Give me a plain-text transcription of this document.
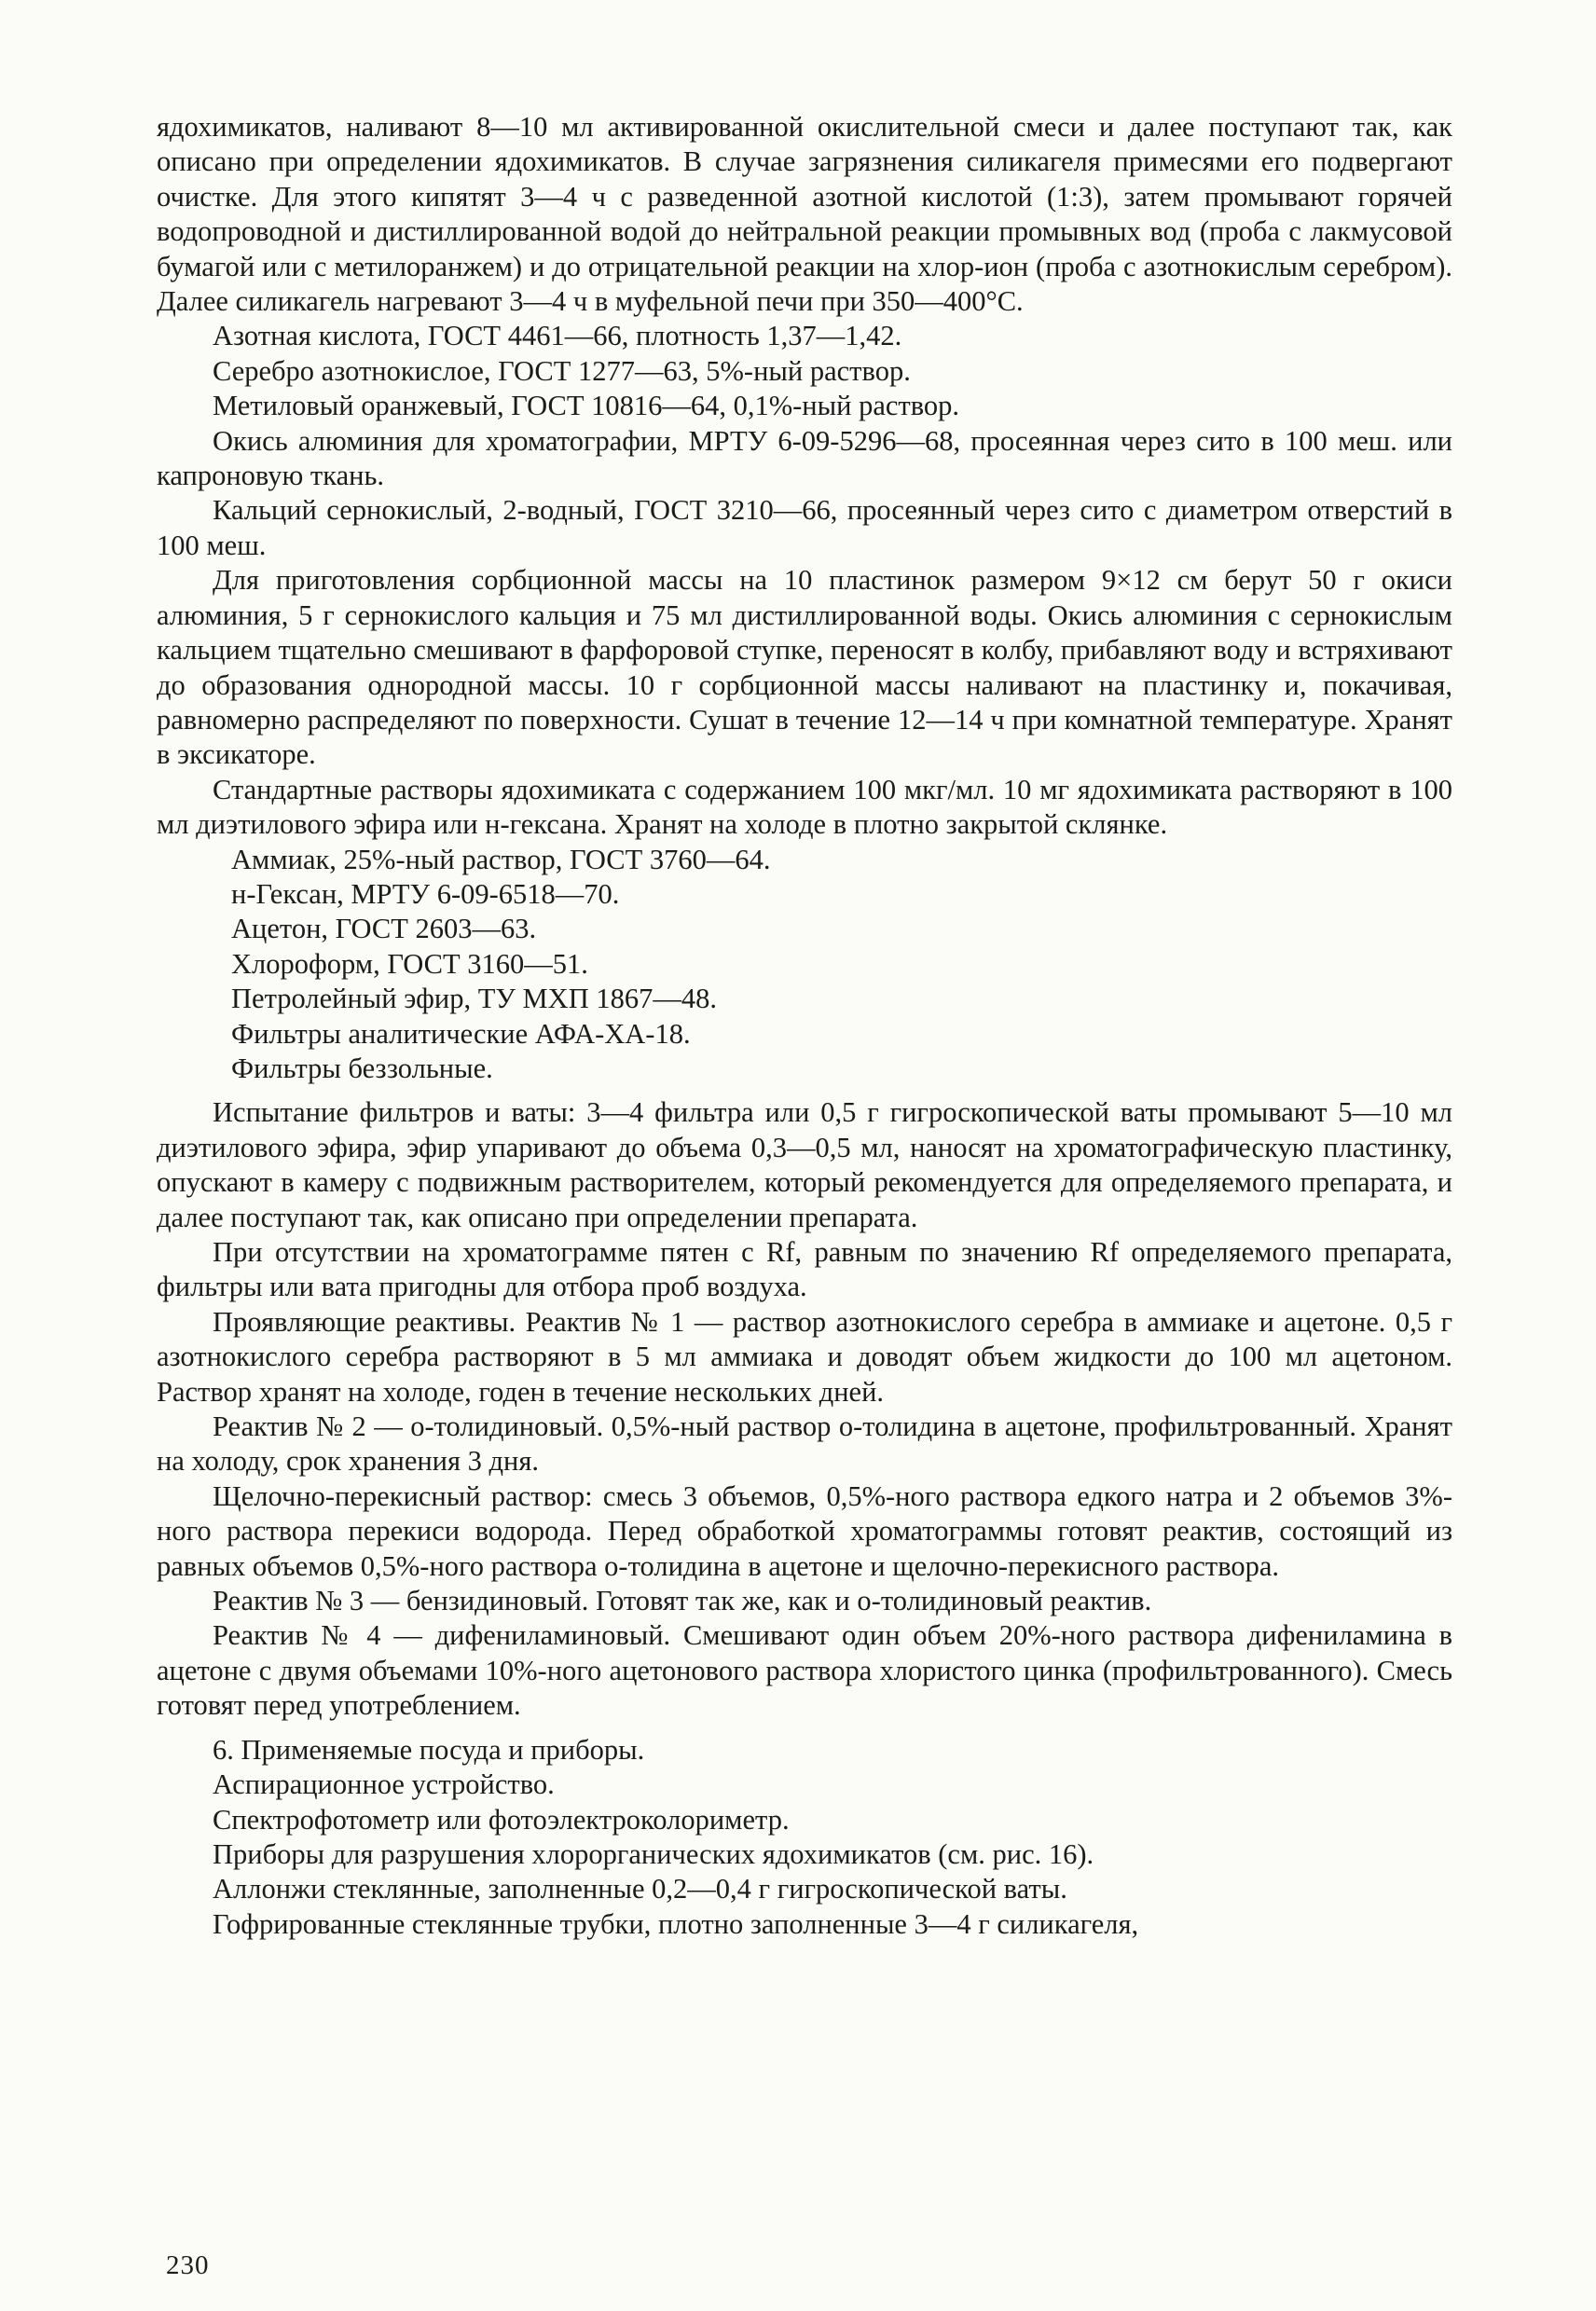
ядохимикатов, наливают 8—10 мл активированной окислительной смеси и далее поступают так, как описано при определении ядохимикатов. В случае загрязнения силикагеля примесями его подвергают очистке. Для этого кипятят 3—4 ч с разведенной азотной кислотой (1:3), затем промывают горячей водопроводной и дистиллированной водой до нейтральной реакции промывных вод (проба с лакмусовой бумагой или с метилоранжем) и до отрицательной реакции на хлор-ион (проба с азотнокислым серебром). Далее силикагель нагревают 3—4 ч в муфельной печи при 350—400°С.

Азотная кислота, ГОСТ 4461—66, плотность 1,37—1,42.

Серебро азотнокислое, ГОСТ 1277—63, 5%-ный раствор.

Метиловый оранжевый, ГОСТ 10816—64, 0,1%-ный раствор.

Окись алюминия для хроматографии, МРТУ 6-09-5296—68, просеянная через сито в 100 меш. или капроновую ткань.

Кальций сернокислый, 2-водный, ГОСТ 3210—66, просеянный через сито с диаметром отверстий в 100 меш.

Для приготовления сорбционной массы на 10 пластинок размером 9×12 см берут 50 г окиси алюминия, 5 г сернокислого кальция и 75 мл дистиллированной воды. Окись алюминия с сернокислым кальцием тщательно смешивают в фарфоровой ступке, переносят в колбу, прибавляют воду и встряхивают до образования однородной массы. 10 г сорбционной массы наливают на пластинку и, покачивая, равномерно распределяют по поверхности. Сушат в течение 12—14 ч при комнатной температуре. Хранят в эксикаторе.

Стандартные растворы ядохимиката с содержанием 100 мкг/мл. 10 мг ядохимиката растворяют в 100 мл диэтилового эфира или н-гексана. Хранят на холоде в плотно закрытой склянке.

Аммиак, 25%-ный раствор, ГОСТ 3760—64.

н-Гексан, МРТУ 6-09-6518—70.

Ацетон, ГОСТ 2603—63.

Хлороформ, ГОСТ 3160—51.

Петролейный эфир, ТУ МХП 1867—48.

Фильтры аналитические АФА-ХА-18.

Фильтры беззольные.

Испытание фильтров и ваты: 3—4 фильтра или 0,5 г гигроскопической ваты промывают 5—10 мл диэтилового эфира, эфир упаривают до объема 0,3—0,5 мл, наносят на хроматографическую пластинку, опускают в камеру с подвижным растворителем, который рекомендуется для определяемого препарата, и далее поступают так, как описано при определении препарата.

При отсутствии на хроматограмме пятен с Rf, равным по значению Rf определяемого препарата, фильтры или вата пригодны для отбора проб воздуха.

Проявляющие реактивы. Реактив № 1 — раствор азотнокислого серебра в аммиаке и ацетоне. 0,5 г азотнокислого серебра растворяют в 5 мл аммиака и доводят объем жидкости до 100 мл ацетоном. Раствор хранят на холоде, годен в течение нескольких дней.

Реактив № 2 — о-толидиновый. 0,5%-ный раствор о-толидина в ацетоне, профильтрованный. Хранят на холоду, срок хранения 3 дня.

Щелочно-перекисный раствор: смесь 3 объемов, 0,5%-ного раствора едкого натра и 2 объемов 3%-ного раствора перекиси водорода. Перед обработкой хроматограммы готовят реактив, состоящий из равных объемов 0,5%-ного раствора о-толидина в ацетоне и щелочно-перекисного раствора.

Реактив № 3 — бензидиновый. Готовят так же, как и о-толидиновый реактив.

Реактив № 4 — дифениламиновый. Смешивают один объем 20%-ного раствора дифениламина в ацетоне с двумя объемами 10%-ного ацетонового раствора хлористого цинка (профильтрованного). Смесь готовят перед употреблением.

6. Применяемые посуда и приборы.

Аспирационное устройство.

Спектрофотометр или фотоэлектроколориметр.

Приборы для разрушения хлорорганических ядохимикатов (см. рис. 16).

Аллонжи стеклянные, заполненные 0,2—0,4 г гигроскопической ваты.

Гофрированные стеклянные трубки, плотно заполненные 3—4 г силикагеля,

230
